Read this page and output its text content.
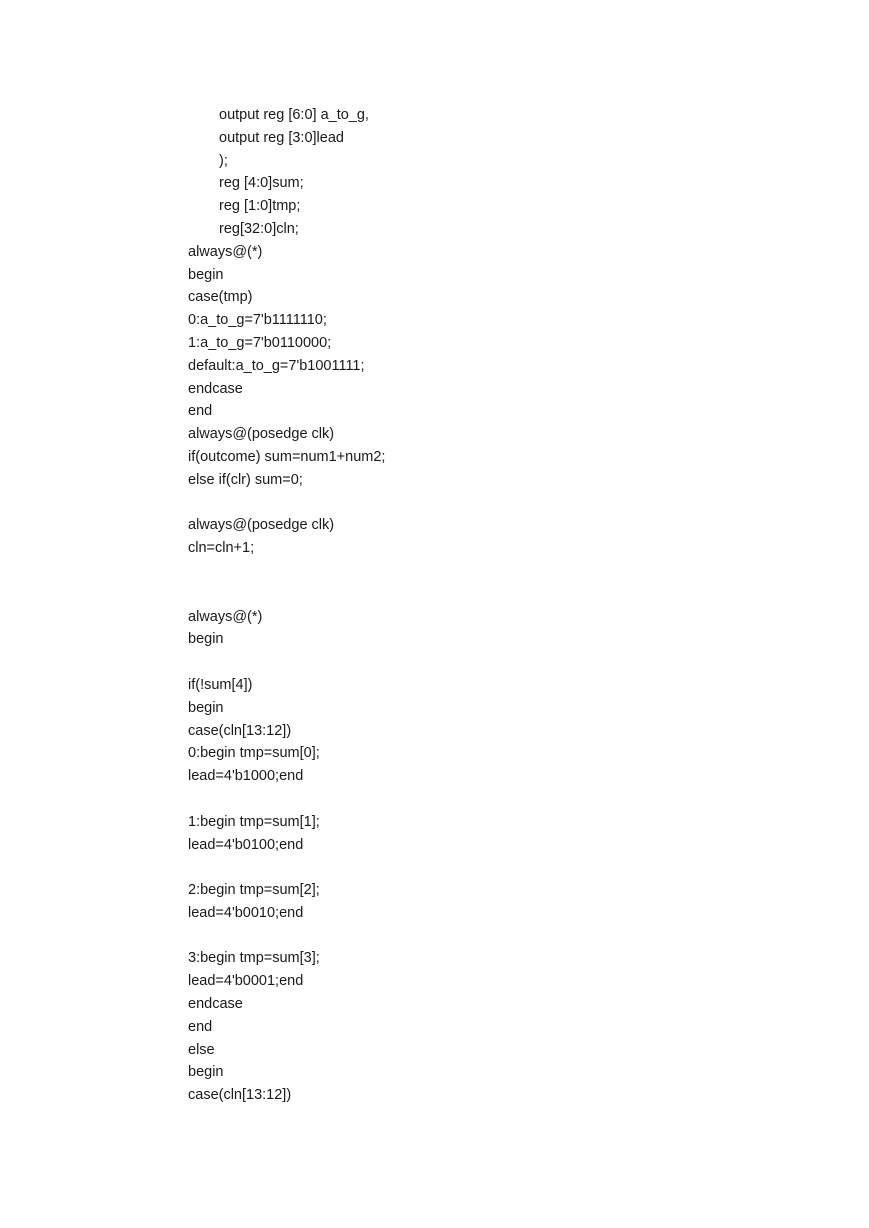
output reg [6:0] a_to_g,
output reg [3:0]lead
);
reg [4:0]sum;
reg [1:0]tmp;
reg[32:0]cln;
always@(*)
begin
case(tmp)
0:a_to_g=7'b1111110;
1:a_to_g=7'b0110000;
default:a_to_g=7'b1001111;
endcase
end
always@(posedge clk)
if(outcome) sum=num1+num2;
else if(clr) sum=0;
always@(posedge clk)
cln=cln+1;
always@(*)
begin
if(!sum[4])
begin
case(cln[13:12])
0:begin tmp=sum[0];
lead=4'b1000;end
1:begin tmp=sum[1];
lead=4'b0100;end
2:begin tmp=sum[2];
lead=4'b0010;end
3:begin tmp=sum[3];
lead=4'b0001;end
endcase
end
else
begin
case(cln[13:12])
